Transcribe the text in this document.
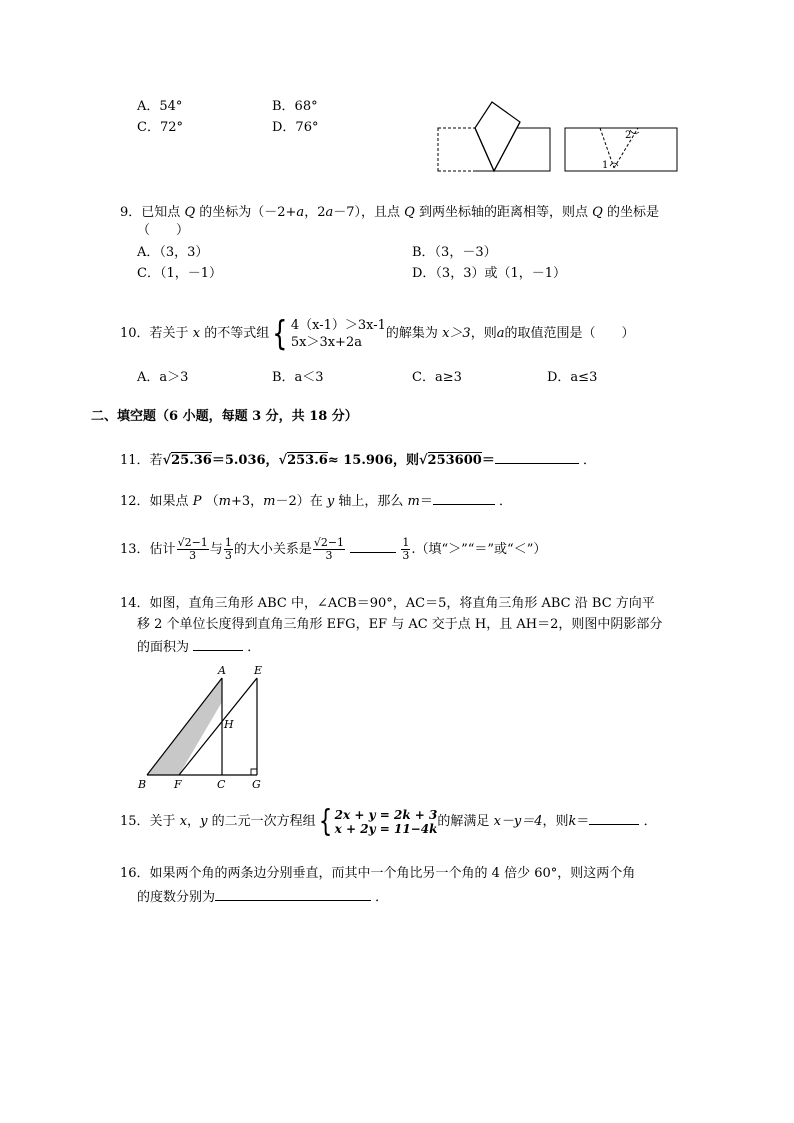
A．54°	B．68°
C．72°	D．76°
2
1
9．已知点 Q 的坐标为（－2+a，2a－7），且点 Q 到两坐标轴的距离相等，则点 Q 的坐标是
（　　）
A．（3，3）	B．（3，－3）
C．（1，－1）	D．（3，3）或（1，－1）
10．若关于 x 的不等式组{ 4（x-1）＞3x-1
5x＞3x+2a
的解集为 x＞3，则a的取值范围是（　　）
A．a＞3	B．a＜3	C．a≥3	D．a≤3
二、填空题（6 小题，每题 3 分，共 18 分）
11．若√25.36＝5.036，√253.6≈ 15.906，则√253600＝	．
12．如果点 P （m+3，m－2）在 y 轴上，那么 m＝	．
13．估计 $\frac{√2-1}{3}$ 与 $\frac{1}{3}$ 的大小关系是 $\frac{√2-1}{3}$
	$\frac{1}{3}$ .（填“＞”“＝”或“＜”）
14．如图，直角三角形 ABC 中，∠ACB＝90°，AC＝5，将直角三角形 ABC 沿 BC 方向平
移 2 个单位长度得到直角三角形 EFG，EF 与 AC 交于点 H，且 AH＝2，则图中阴影部分
的面积为	．
A	E
H
B	F	C G
15．关于 x，y 的二元一次方程组{ 2x + y = 2k + 3
x + 2y = 11−4k 的解满足 x－y＝4，则k＝	．
16．如果两个角的两条边分别垂直，而其中一个角比另一个角的 4 倍少 60°，则这两个角
的度数分别为	．
